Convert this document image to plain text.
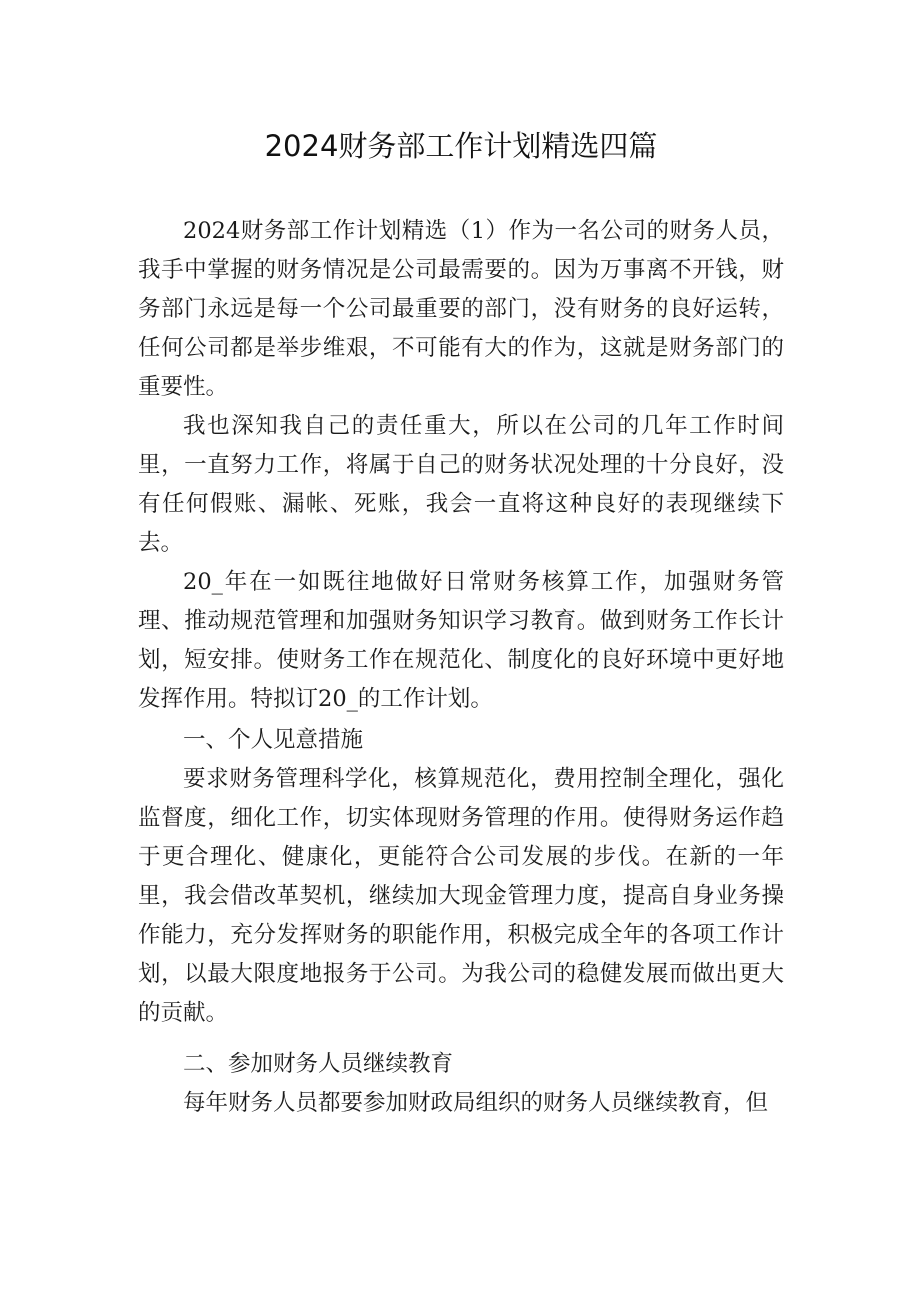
2024财务部工作计划精选四篇

2024财务部工作计划精选（1）作为一名公司的财务人员，我手中掌握的财务情况是公司最需要的。因为万事离不开钱，财务部门永远是每一个公司最重要的部门，没有财务的良好运转，任何公司都是举步维艰，不可能有大的作为，这就是财务部门的重要性。

我也深知我自己的责任重大，所以在公司的几年工作时间里，一直努力工作，将属于自己的财务状况处理的十分良好，没有任何假账、漏帐、死账，我会一直将这种良好的表现继续下去。

20_年在一如既往地做好日常财务核算工作，加强财务管理、推动规范管理和加强财务知识学习教育。做到财务工作长计划，短安排。使财务工作在规范化、制度化的良好环境中更好地发挥作用。特拟订20_的工作计划。

一、个人见意措施

要求财务管理科学化，核算规范化，费用控制全理化，强化监督度，细化工作，切实体现财务管理的作用。使得财务运作趋于更合理化、健康化，更能符合公司发展的步伐。在新的一年里，我会借改革契机，继续加大现金管理力度，提高自身业务操作能力，充分发挥财务的职能作用，积极完成全年的各项工作计划，以最大限度地报务于公司。为我公司的稳健发展而做出更大的贡献。

二、参加财务人员继续教育

每年财务人员都要参加财政局组织的财务人员继续教育，但
